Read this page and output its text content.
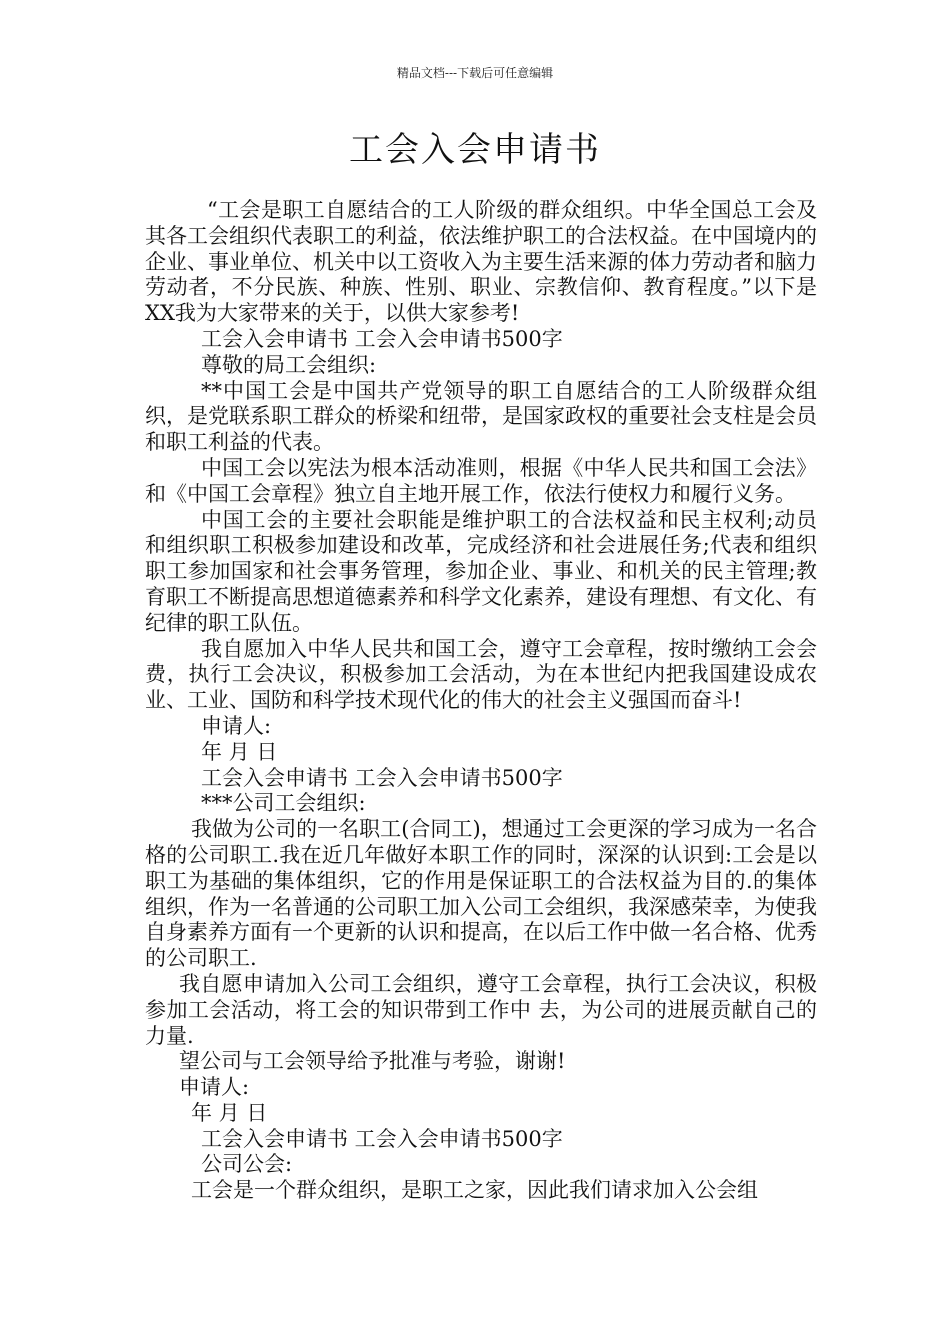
精品文档---下载后可任意编辑
工会入会申请书

“工会是职工自愿结合的工人阶级的群众组织。中华全国总工会及其各工会组织代表职工的利益，依法维护职工的合法权益。在中国境内的企业、事业单位、机关中以工资收入为主要生活来源的体力劳动者和脑力劳动者，不分民族、种族、性别、职业、宗教信仰、教育程度。”以下是XX我为大家带来的关于，以供大家参考!

工会入会申请书 工会入会申请书500字

尊敬的局工会组织:

**中国工会是中国共产党领导的职工自愿结合的工人阶级群众组织，是党联系职工群众的桥梁和纽带，是国家政权的重要社会支柱是会员和职工利益的代表。

中国工会以宪法为根本活动准则，根据《中华人民共和国工会法》和《中国工会章程》独立自主地开展工作，依法行使权力和履行义务。

中国工会的主要社会职能是维护职工的合法权益和民主权利;动员和组织职工积极参加建设和改革，完成经济和社会进展任务;代表和组织职工参加国家和社会事务管理，参加企业、事业、和机关的民主管理;教育职工不断提高思想道德素养和科学文化素养，建设有理想、有文化、有纪律的职工队伍。

我自愿加入中华人民共和国工会，遵守工会章程，按时缴纳工会会费，执行工会决议，积极参加工会活动，为在本世纪内把我国建设成农业、工业、国防和科学技术现代化的伟大的社会主义强国而奋斗!

申请人:

年 月 日

工会入会申请书 工会入会申请书500字

***公司工会组织:

我做为公司的一名职工(合同工)，想通过工会更深的学习成为一名合格的公司职工.我在近几年做好本职工作的同时，深深的认识到:工会是以职工为基础的集体组织，它的作用是保证职工的合法权益为目的.的集体组织，作为一名普通的公司职工加入公司工会组织，我深感荣幸，为使我自身素养方面有一个更新的认识和提高，在以后工作中做一名合格、优秀的公司职工.

我自愿申请加入公司工会组织，遵守工会章程，执行工会决议，积极参加工会活动，将工会的知识带到工作中 去，为公司的进展贡献自己的力量.

望公司与工会领导给予批准与考验，谢谢!

申请人:

年 月 日

工会入会申请书 工会入会申请书500字

公司公会:

工会是一个群众组织，是职工之家，因此我们请求加入公会组
